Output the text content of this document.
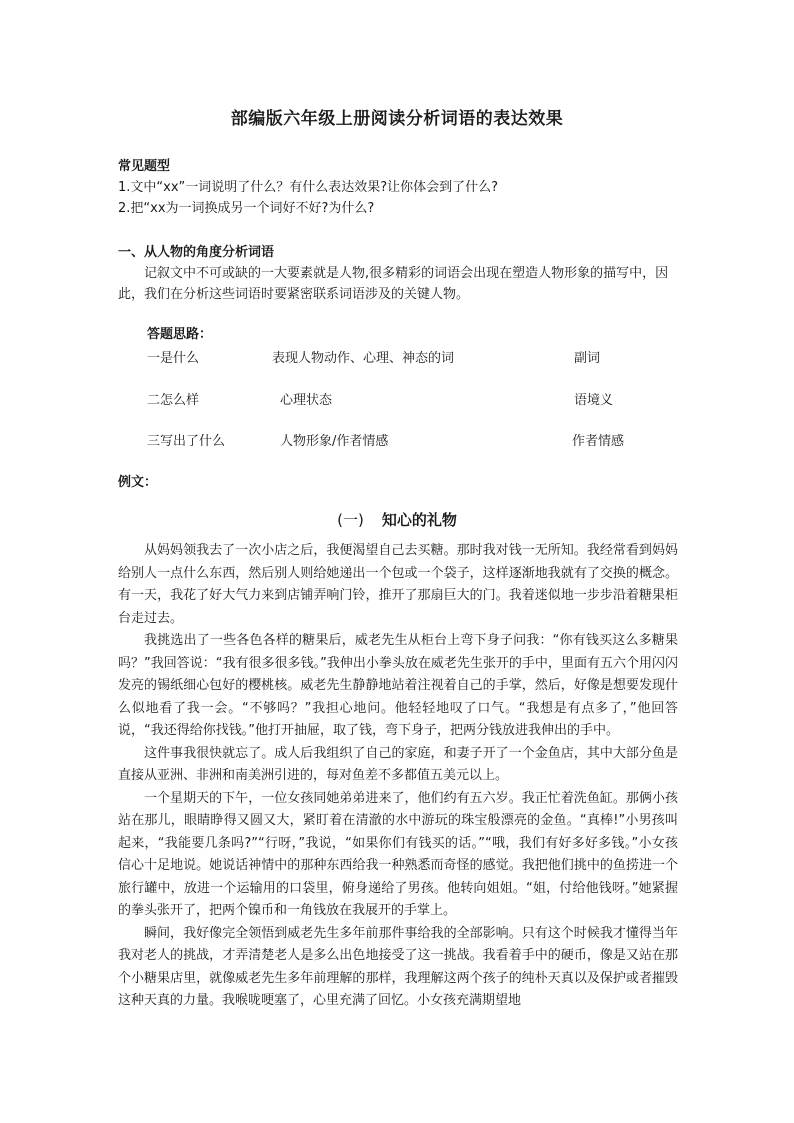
部编版六年级上册阅读分析词语的表达效果
常见题型
1.文中“xx”一词说明了什么？有什么表达效果?让你体会到了什么?
2.把“xx为一词换成另一个词好不好?为什么?
一、从人物的角度分析词语
记叙文中不可或缺的一大要素就是人物,很多精彩的词语会出现在塑造人物形象的描写中，因此，我们在分析这些词语时要紧密联系词语涉及的关键人物。
答题思路：
一是什么	表现人物动作、心理、神态的词	副词
二怎么样	心理状态	语境义
三写出了什么	人物形象/作者情感	作者情感
例文：
(一) 知心的礼物

从妈妈领我去了一次小店之后，我便渴望自己去买糖。那时我对钱一无所知。我经常看到妈妈给别人一点什么东西，然后别人则给她递出一个包或一个袋子，这样逐渐地我就有了交换的概念。有一天，我花了好大气力来到店铺弄响门铃，推开了那扇巨大的门。我着迷似地一步步沿着糖果柜台走过去。

我挑选出了一些各色各样的糖果后，威老先生从柜台上弯下身子问我：“你有钱买这么多糖果吗？”我回答说：“我有很多很多钱。”我伸出小拳头放在威老先生张开的手中，里面有五六个用闪闪发亮的锡纸细心包好的樱桃核。威老先生静静地站着注视着自己的手掌，然后，好像是想要发现什么似地看了我一会。“不够吗？”我担心地问。他轻轻地叹了口气。“我想是有点多了，”他回答说，“我还得给你找钱。”他打开抽屉，取了钱，弯下身子，把两分钱放进我伸出的手中。

这件事我很快就忘了。成人后我组织了自己的家庭，和妻子开了一个金鱼店，其中大部分鱼是直接从亚洲、非洲和南美洲引进的，每对鱼差不多都值五美元以上。

一个星期天的下午，一位女孩同她弟弟进来了，他们约有五六岁。我正忙着洗鱼缸。那俩小孩站在那儿，眼睛睁得又圆又大，紧盯着在清澈的水中游玩的珠宝般漂亮的金鱼。“真棒!”小男孩叫起来，“我能要几条吗?”“行呀，”我说，“如果你们有钱买的话。”“哦，我们有好多好多钱。”小女孩信心十足地说。她说话神情中的那种东西给我一种熟悉而奇怪的感觉。我把他们挑中的鱼捞进一个旅行罐中，放进一个运输用的口袋里，俯身递给了男孩。他转向姐姐。“姐，付给他钱呀。”她紧握的拳头张开了，把两个镍币和一角钱放在我展开的手掌上。

瞬间，我好像完全领悟到威老先生多年前那件事给我的全部影响。只有这个时候我才懂得当年我对老人的挑战，才弄清楚老人是多么出色地接受了这一挑战。我看着手中的硬币，像是又站在那个小糖果店里，就像威老先生多年前理解的那样，我理解这两个孩子的纯朴天真以及保护或者摧毁这种天真的力量。我喉咙哽塞了，心里充满了回忆。小女孩充满期望地
